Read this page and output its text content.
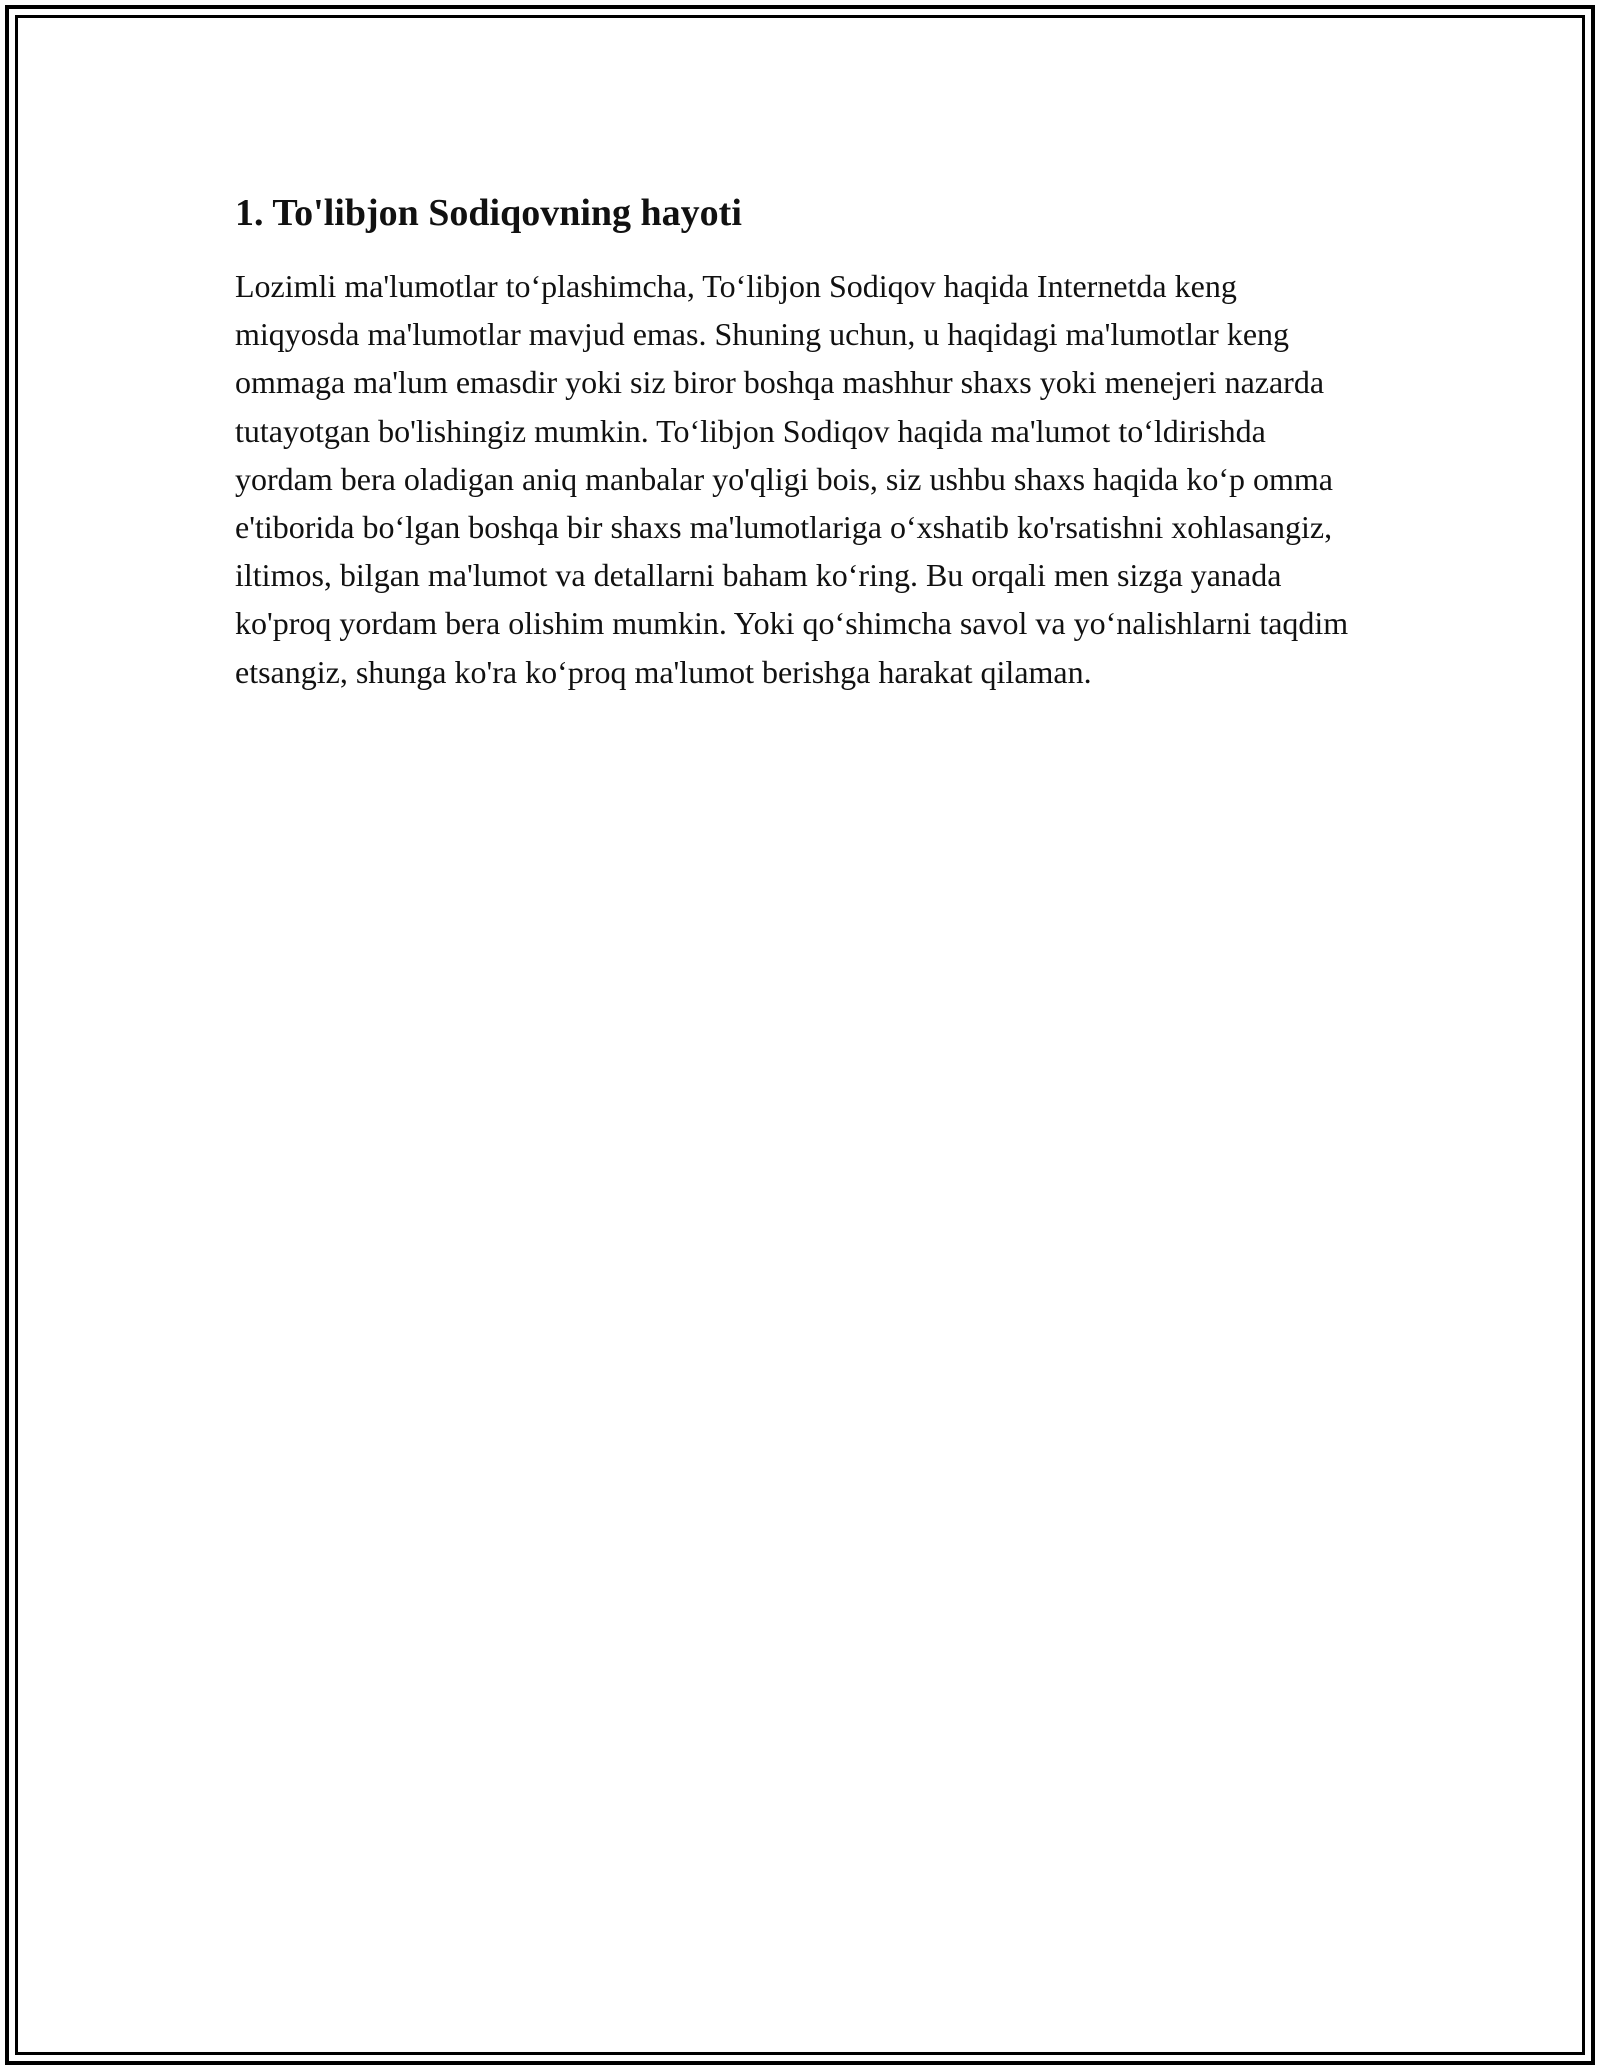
1. To'libjon Sodiqovning hayoti

Lozimli ma'lumotlar to‘plashimcha, To‘libjon Sodiqov haqida Internetda keng miqyosda ma'lumotlar mavjud emas. Shuning uchun, u haqidagi ma'lumotlar keng ommaga ma'lum emasdir yoki siz biror boshqa mashhur shaxs yoki menejeri nazarda tutayotgan bo'lishingiz mumkin. To‘libjon Sodiqov haqida ma'lumot to‘ldirishda yordam bera oladigan aniq manbalar yo'qligi bois, siz ushbu shaxs haqida ko‘p omma e'tiborida bo‘lgan boshqa bir shaxs ma'lumotlariga o‘xshatib ko'rsatishni xohlasangiz, iltimos, bilgan ma'lumot va detallarni baham ko‘ring. Bu orqali men sizga yanada ko'proq yordam bera olishim mumkin. Yoki qo‘shimcha savol va yo‘nalishlarni taqdim etsangiz, shunga ko'ra ko‘proq ma'lumot berishga harakat qilaman.
